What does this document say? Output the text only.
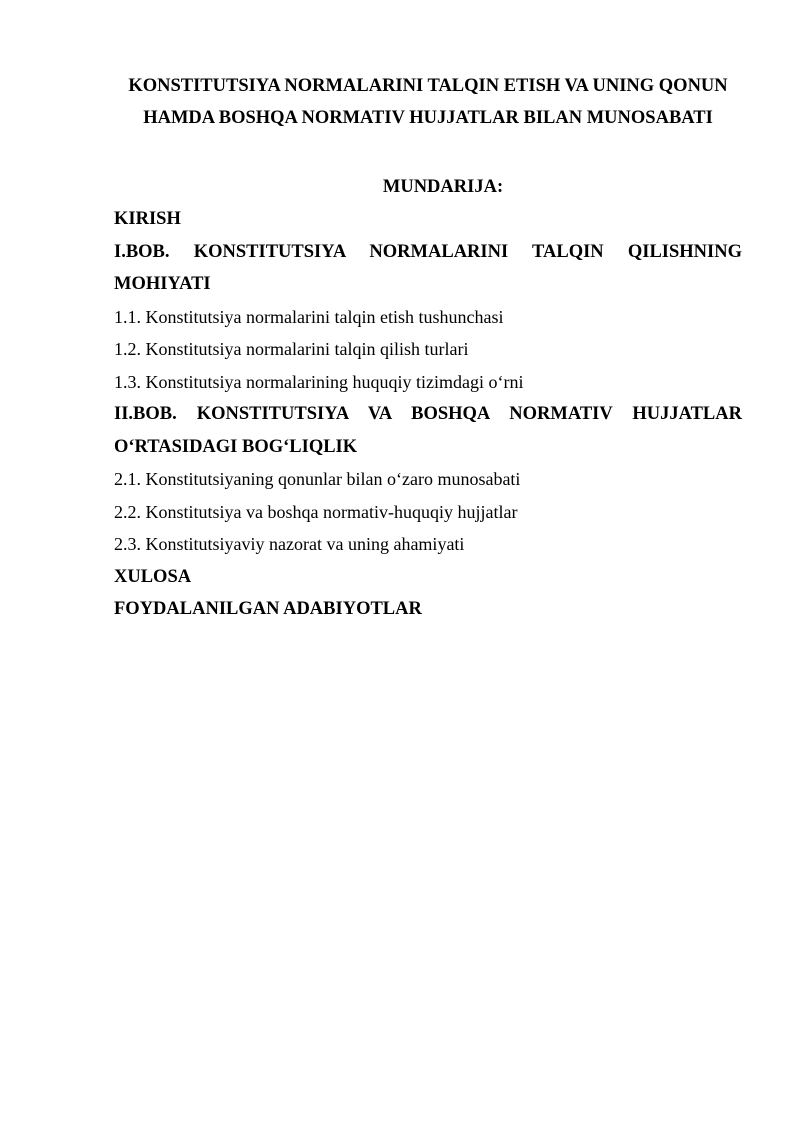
KONSTITUTSIYA NORMALARINI TALQIN ETISH VA UNING QONUN
HAMDA BOSHQA NORMATIV HUJJATLAR BILAN MUNOSABATI
MUNDARIJA:
KIRISH
I.BOB. KONSTITUTSIYA NORMALARINI TALQIN QILISHNING
MOHIYATI
1.1. Konstitutsiya normalarini talqin etish tushunchasi
1.2. Konstitutsiya normalarini talqin qilish turlari
1.3. Konstitutsiya normalarining huquqiy tizimdagi o‘rni
II.BOB. KONSTITUTSIYA VA BOSHQA NORMATIV HUJJATLAR
O‘RTASIDAGI BOG‘LIQLIK
2.1. Konstitutsiyaning qonunlar bilan o‘zaro munosabati
2.2. Konstitutsiya va boshqa normativ-huquqiy hujjatlar
2.3. Konstitutsiyaviy nazorat va uning ahamiyati
XULOSA
FOYDALANILGAN ADABIYOTLAR
